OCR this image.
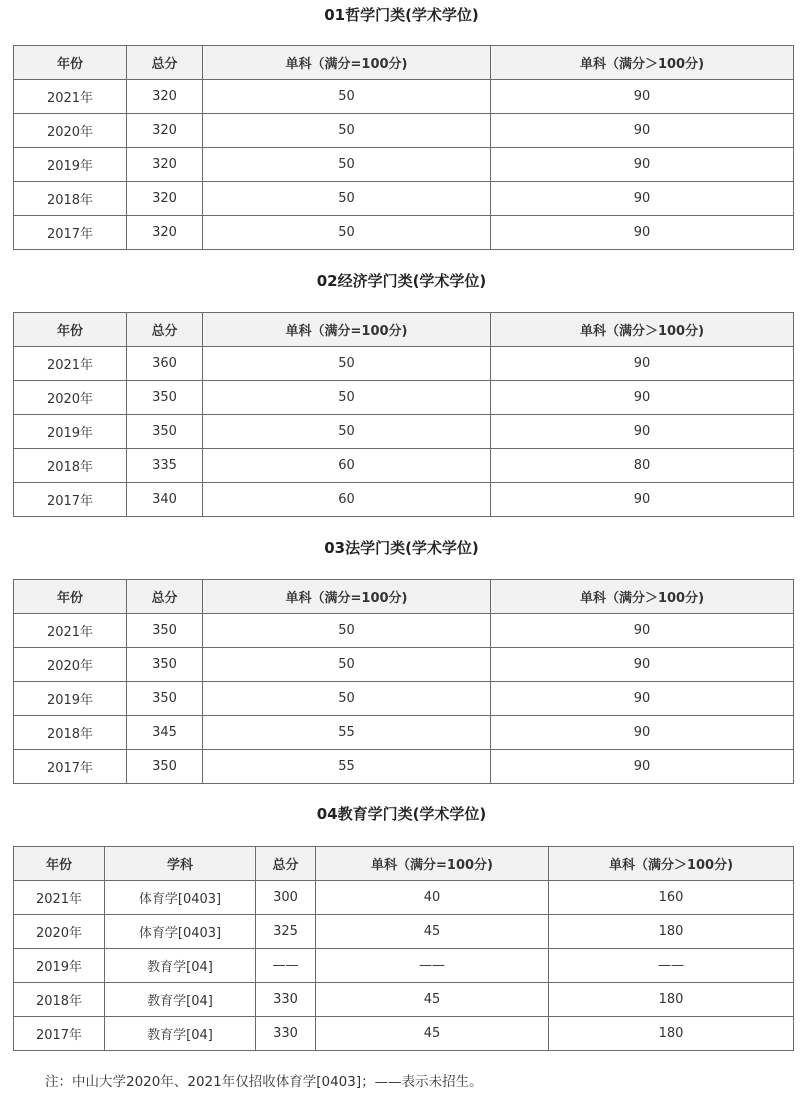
01哲学门类(学术学位)
年份	总分	单科（满分=100分)	单科（满分＞100分)
2021年	320	50	90
2020年	320	50	90
2019年	320	50	90
2018年	320	50	90
2017年	320	50	90
02经济学门类(学术学位)
年份	总分	单科（满分=100分)	单科（满分＞100分)
2021年	360	50	90
2020年	350	50	90
2019年	350	50	90
2018年	335	60	80
2017年	340	60	90
03法学门类(学术学位)
年份	总分	单科（满分=100分)	单科（满分＞100分)
2021年	350	50	90
2020年	350	50	90
2019年	350	50	90
2018年	345	55	90
2017年	350	55	90
04教育学门类(学术学位)
年份	学科	总分	单科（满分=100分)	单科（满分＞100分)
2021年	体育学[0403]	300	40	160
2020年	体育学[0403]	325	45	180
2019年	教育学[04]	——	——	——
2018年	教育学[04]	330	45	180
2017年	教育学[04]	330	45	180
注：中山大学2020年、2021年仅招收体育学[0403]；——表示未招生。
